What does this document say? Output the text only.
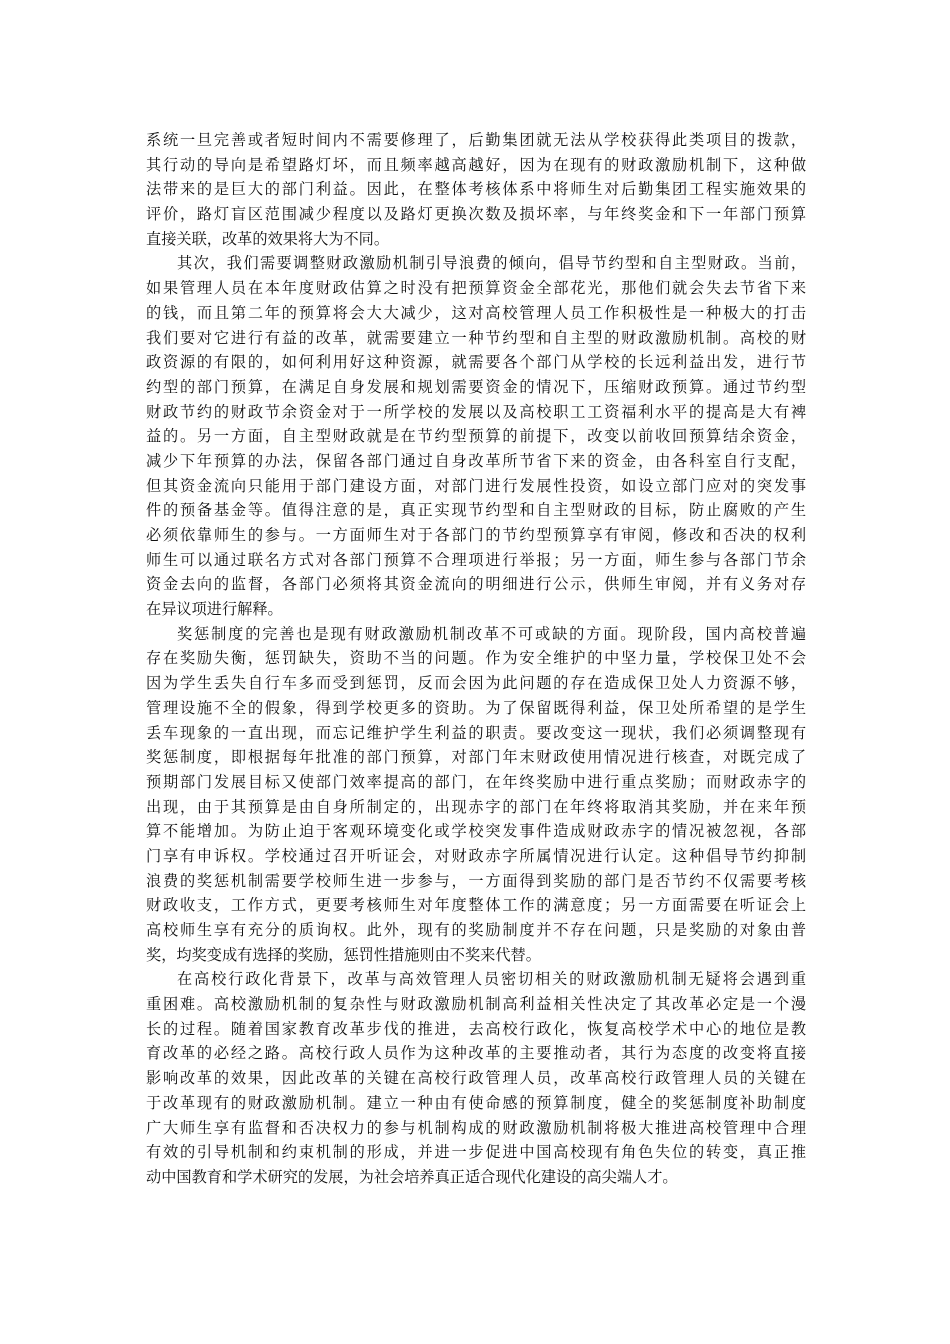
系统一旦完善或者短时间内不需要修理了，后勤集团就无法从学校获得此类项目的拨款，
其行动的导向是希望路灯坏，而且频率越高越好，因为在现有的财政激励机制下，这种做
法带来的是巨大的部门利益。因此，在整体考核体系中将师生对后勤集团工程实施效果的
评价，路灯盲区范围减少程度以及路灯更换次数及损坏率，与年终奖金和下一年部门预算
直接关联，改革的效果将大为不同。
其次，我们需要调整财政激励机制引导浪费的倾向，倡导节约型和自主型财政。当前，
如果管理人员在本年度财政估算之时没有把预算资金全部花光，那他们就会失去节省下来
的钱，而且第二年的预算将会大大减少，这对高校管理人员工作积极性是一种极大的打击
我们要对它进行有益的改革，就需要建立一种节约型和自主型的财政激励机制。高校的财
政资源的有限的，如何利用好这种资源，就需要各个部门从学校的长远利益出发，进行节
约型的部门预算，在满足自身发展和规划需要资金的情况下，压缩财政预算。通过节约型
财政节约的财政节余资金对于一所学校的发展以及高校职工工资福利水平的提高是大有裨
益的。另一方面，自主型财政就是在节约型预算的前提下，改变以前收回预算结余资金，
减少下年预算的办法，保留各部门通过自身改革所节省下来的资金，由各科室自行支配，
但其资金流向只能用于部门建设方面，对部门进行发展性投资，如设立部门应对的突发事
件的预备基金等。值得注意的是，真正实现节约型和自主型财政的目标，防止腐败的产生
必须依靠师生的参与。一方面师生对于各部门的节约型预算享有审阅，修改和否决的权利
师生可以通过联名方式对各部门预算不合理项进行举报；另一方面，师生参与各部门节余
资金去向的监督，各部门必须将其资金流向的明细进行公示，供师生审阅，并有义务对存
在异议项进行解释。
奖惩制度的完善也是现有财政激励机制改革不可或缺的方面。现阶段，国内高校普遍
存在奖励失衡，惩罚缺失，资助不当的问题。作为安全维护的中坚力量，学校保卫处不会
因为学生丢失自行车多而受到惩罚，反而会因为此问题的存在造成保卫处人力资源不够，
管理设施不全的假象，得到学校更多的资助。为了保留既得利益，保卫处所希望的是学生
丢车现象的一直出现，而忘记维护学生利益的职责。要改变这一现状，我们必须调整现有
奖惩制度，即根据每年批准的部门预算，对部门年末财政使用情况进行核查，对既完成了
预期部门发展目标又使部门效率提高的部门，在年终奖励中进行重点奖励；而财政赤字的
出现，由于其预算是由自身所制定的，出现赤字的部门在年终将取消其奖励，并在来年预
算不能增加。为防止迫于客观环境变化或学校突发事件造成财政赤字的情况被忽视，各部
门享有申诉权。学校通过召开听证会，对财政赤字所属情况进行认定。这种倡导节约抑制
浪费的奖惩机制需要学校师生进一步参与，一方面得到奖励的部门是否节约不仅需要考核
财政收支，工作方式，更要考核师生对年度整体工作的满意度；另一方面需要在听证会上
高校师生享有充分的质询权。此外，现有的奖励制度并不存在问题，只是奖励的对象由普
奖，均奖变成有选择的奖励，惩罚性措施则由不奖来代替。
在高校行政化背景下，改革与高效管理人员密切相关的财政激励机制无疑将会遇到重
重困难。高校激励机制的复杂性与财政激励机制高利益相关性决定了其改革必定是一个漫
长的过程。随着国家教育改革步伐的推进，去高校行政化，恢复高校学术中心的地位是教
育改革的必经之路。高校行政人员作为这种改革的主要推动者，其行为态度的改变将直接
影响改革的效果，因此改革的关键在高校行政管理人员，改革高校行政管理人员的关键在
于改革现有的财政激励机制。建立一种由有使命感的预算制度，健全的奖惩制度补助制度
广大师生享有监督和否决权力的参与机制构成的财政激励机制将极大推进高校管理中合理
有效的引导机制和约束机制的形成，并进一步促进中国高校现有角色失位的转变，真正推
动中国教育和学术研究的发展，为社会培养真正适合现代化建设的高尖端人才。
